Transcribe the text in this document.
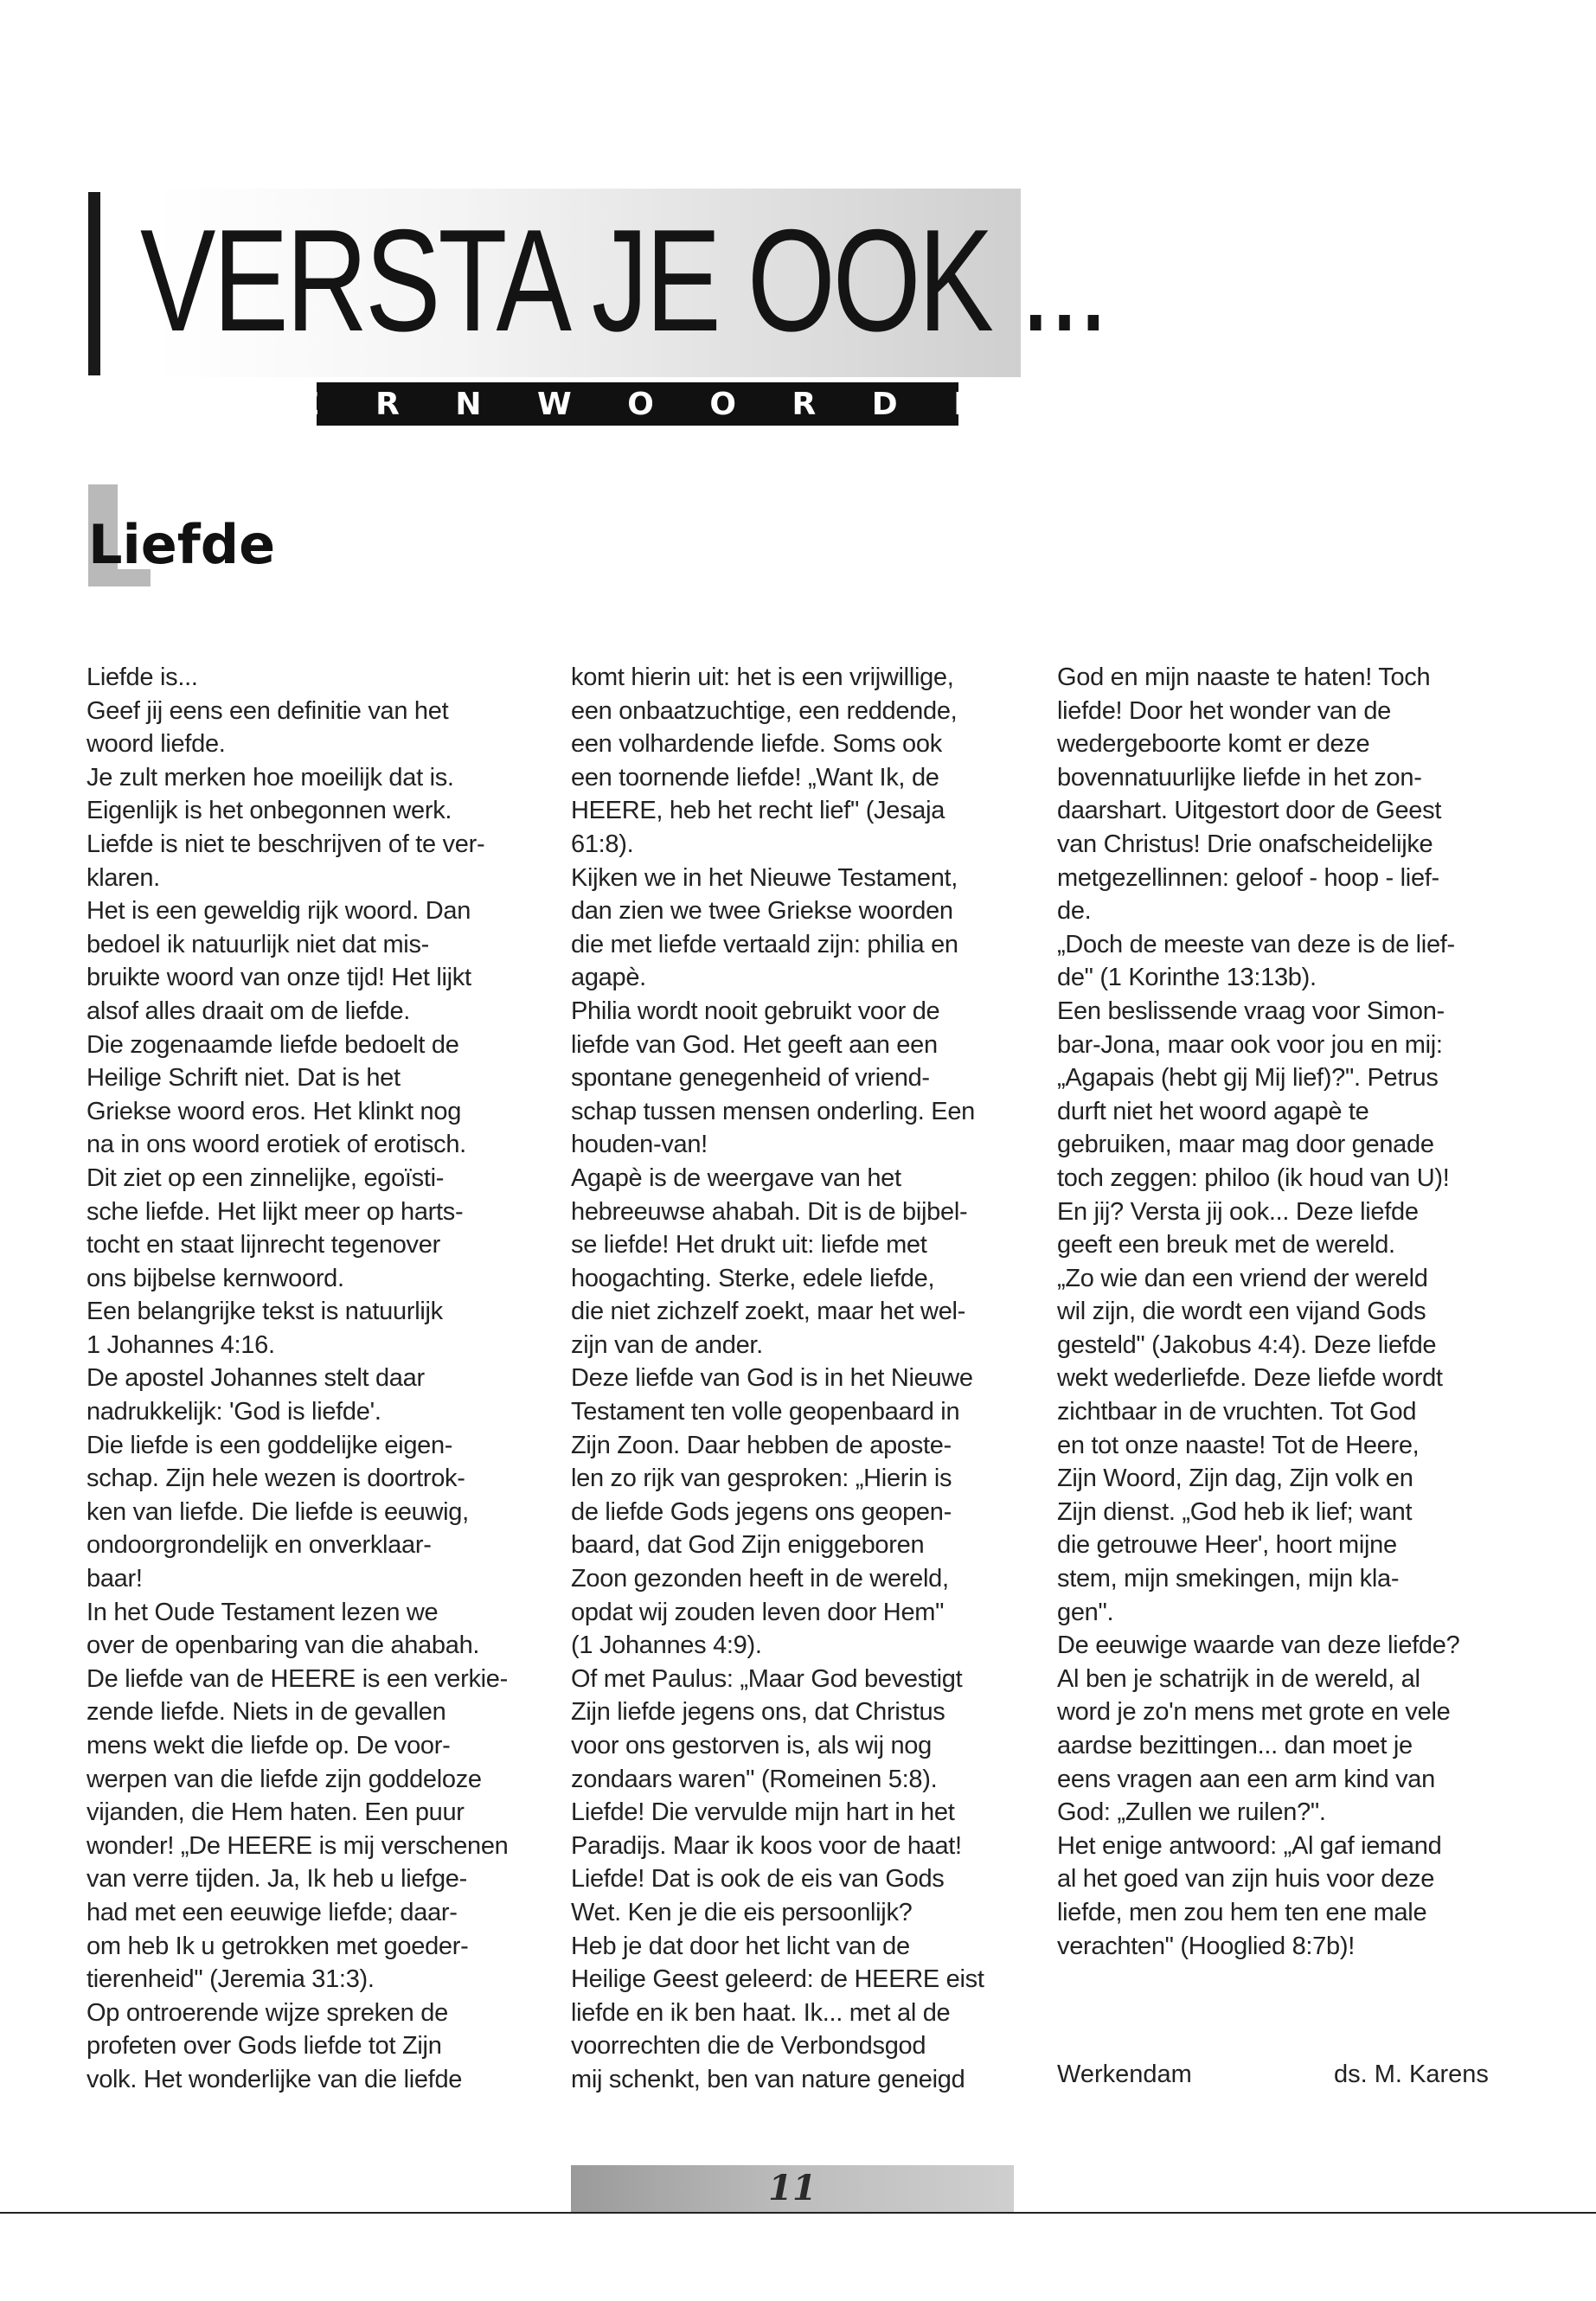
VERSTA JE OOK ...
K E R N W O O R D E N
Liefde
Liefde is...
Geef jij eens een definitie van het
woord liefde.
Je zult merken hoe moeilijk dat is.
Eigenlijk is het onbegonnen werk.
Liefde is niet te beschrijven of te ver-
klaren.
Het is een geweldig rijk woord. Dan
bedoel ik natuurlijk niet dat mis-
bruikte woord van onze tijd! Het lijkt
alsof alles draait om de liefde.
Die zogenaamde liefde bedoelt de
Heilige Schrift niet. Dat is het
Griekse woord eros. Het klinkt nog
na in ons woord erotiek of erotisch.
Dit ziet op een zinnelijke, egoïsti-
sche liefde. Het lijkt meer op harts-
tocht en staat lijnrecht tegenover
ons bijbelse kernwoord.
Een belangrijke tekst is natuurlijk
1 Johannes 4:16.
De apostel Johannes stelt daar
nadrukkelijk: 'God is liefde'.
Die liefde is een goddelijke eigen-
schap. Zijn hele wezen is doortrok-
ken van liefde. Die liefde is eeuwig,
ondoorgrondelijk en onverklaar-
baar!
In het Oude Testament lezen we
over de openbaring van die ahabah.
De liefde van de HEERE is een verkie-
zende liefde. Niets in de gevallen
mens wekt die liefde op. De voor-
werpen van die liefde zijn goddeloze
vijanden, die Hem haten. Een puur
wonder! „De HEERE is mij verschenen
van verre tijden. Ja, Ik heb u liefge-
had met een eeuwige liefde; daar-
om heb Ik u getrokken met goeder-
tierenheid" (Jeremia 31:3).
Op ontroerende wijze spreken de
profeten over Gods liefde tot Zijn
volk. Het wonderlijke van die liefde
komt hierin uit: het is een vrijwillige,
een onbaatzuchtige, een reddende,
een volhardende liefde. Soms ook
een toornende liefde! „Want Ik, de
HEERE, heb het recht lief" (Jesaja
61:8).
Kijken we in het Nieuwe Testament,
dan zien we twee Griekse woorden
die met liefde vertaald zijn: philia en
agapè.
Philia wordt nooit gebruikt voor de
liefde van God. Het geeft aan een
spontane genegenheid of vriend-
schap tussen mensen onderling. Een
houden-van!
Agapè is de weergave van het
hebreeuwse ahabah. Dit is de bijbel-
se liefde! Het drukt uit: liefde met
hoogachting. Sterke, edele liefde,
die niet zichzelf zoekt, maar het wel-
zijn van de ander.
Deze liefde van God is in het Nieuwe
Testament ten volle geopenbaard in
Zijn Zoon. Daar hebben de aposte-
len zo rijk van gesproken: „Hierin is
de liefde Gods jegens ons geopen-
baard, dat God Zijn eniggeboren
Zoon gezonden heeft in de wereld,
opdat wij zouden leven door Hem"
(1 Johannes 4:9).
Of met Paulus: „Maar God bevestigt
Zijn liefde jegens ons, dat Christus
voor ons gestorven is, als wij nog
zondaars waren" (Romeinen 5:8).
Liefde! Die vervulde mijn hart in het
Paradijs. Maar ik koos voor de haat!
Liefde! Dat is ook de eis van Gods
Wet. Ken je die eis persoonlijk?
Heb je dat door het licht van de
Heilige Geest geleerd: de HEERE eist
liefde en ik ben haat. Ik... met al de
voorrechten die de Verbondsgod
mij schenkt, ben van nature geneigd
God en mijn naaste te haten! Toch
liefde! Door het wonder van de
wedergeboorte komt er deze
bovennatuurlijke liefde in het zon-
daarshart. Uitgestort door de Geest
van Christus! Drie onafscheidelijke
metgezellinnen: geloof - hoop - lief-
de.
„Doch de meeste van deze is de lief-
de" (1 Korinthe 13:13b).
Een beslissende vraag voor Simon-
bar-Jona, maar ook voor jou en mij:
„Agapais (hebt gij Mij lief)?". Petrus
durft niet het woord agapè te
gebruiken, maar mag door genade
toch zeggen: philoo (ik houd van U)!
En jij? Versta jij ook... Deze liefde
geeft een breuk met de wereld.
„Zo wie dan een vriend der wereld
wil zijn, die wordt een vijand Gods
gesteld" (Jakobus 4:4). Deze liefde
wekt wederliefde. Deze liefde wordt
zichtbaar in de vruchten. Tot God
en tot onze naaste! Tot de Heere,
Zijn Woord, Zijn dag, Zijn volk en
Zijn dienst. „God heb ik lief; want
die getrouwe Heer', hoort mijne
stem, mijn smekingen, mijn kla-
gen".
De eeuwige waarde van deze liefde?
Al ben je schatrijk in de wereld, al
word je zo'n mens met grote en vele
aardse bezittingen... dan moet je
eens vragen aan een arm kind van
God: „Zullen we ruilen?".
Het enige antwoord: „Al gaf iemand
al het goed van zijn huis voor deze
liefde, men zou hem ten ene male
verachten" (Hooglied 8:7b)!
Werkendam	ds. M. Karens
11
